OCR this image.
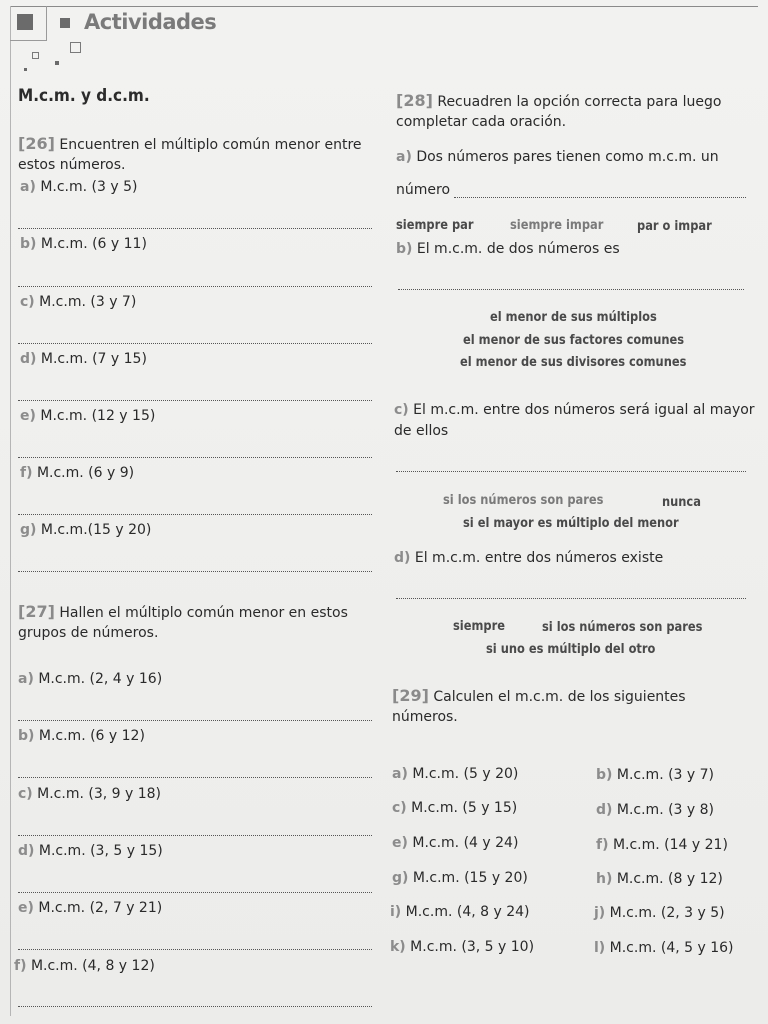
Actividades
M.c.m. y d.c.m.
[26] Encuentren el múltiplo común menor entre
estos números.
a) M.c.m. (3 y 5)
b) M.c.m. (6 y 11)
c) M.c.m. (3 y 7)
d) M.c.m. (7 y 15)
e) M.c.m. (12 y 15)
f) M.c.m. (6 y 9)
g) M.c.m.(15 y 20)
[27] Hallen el múltiplo común menor en estos
grupos de números.
a) M.c.m. (2, 4 y 16)
b) M.c.m. (6 y 12)
c) M.c.m. (3, 9 y 18)
d) M.c.m. (3, 5 y 15)
e) M.c.m. (2, 7 y 21)
f) M.c.m. (4, 8 y 12)
[28] Recuadren la opción correcta para luego
completar cada oración.
a) Dos números pares tienen como m.c.m. un
número
siempre par	siempre impar	par o impar
b) El m.c.m. de dos números es
el menor de sus múltiplos
el menor de sus factores comunes
el menor de sus divisores comunes
c) El m.c.m. entre dos números será igual al mayor
de ellos
si los números son pares	nunca
si el mayor es múltiplo del menor
d) El m.c.m. entre dos números existe
siempre	si los números son pares
si uno es múltiplo del otro
[29] Calculen el m.c.m. de los siguientes
números.
a) M.c.m. (5 y 20)	b) M.c.m. (3 y 7)
c) M.c.m. (5 y 15)	d) M.c.m. (3 y 8)
e) M.c.m. (4 y 24)	f) M.c.m. (14 y 21)
g) M.c.m. (15 y 20)	h) M.c.m. (8 y 12)
i) M.c.m. (4, 8 y 24)	j) M.c.m. (2, 3 y 5)
k) M.c.m. (3, 5 y 10)	l) M.c.m. (4, 5 y 16)
